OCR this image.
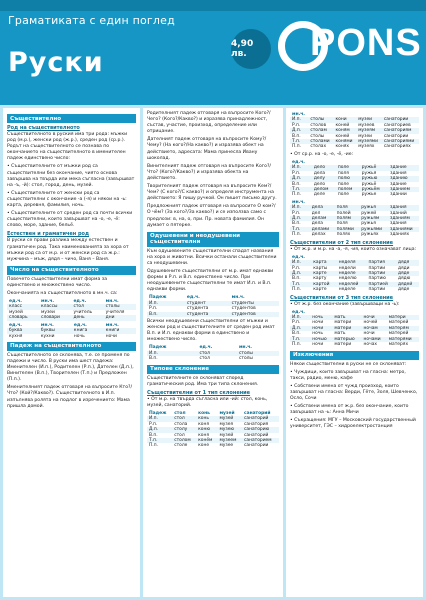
Граматиката с един поглед
Руски
4,90 лв.	PONS
Съществително
Род на съществителното
Съществителното в руския има три рода: мъжки род (м.р.), женски род (ж.р.), среден род (ср.р.). Родът на съществителното се познава по окончанието на съществителното в именителен падеж единствено число:
• Съществителните от мъжки род са съществителни без окончание, чиято основа завършва на твърда или мека съгласна (завършват на -ъ, -й): стол, город, день, музей.
• Съществителните от женски род са съществителни с окончание -а (-я) и някои на -ь: карта, деревня, фамилия, ночь.
• Съществителните от среден род са почти всички съществителни, които завършват на -о, -е, -ё: слово, море, здание, бельё.
Естествен и граматичен род
В руски се прави разлика между естествен и граматичен род. Така наименованията за хора от мъжки род са от м.р. и от женски род са ж.р.: мужчина – мъж, дядя – чичо, Ваня – Ваня.
Число на съществителното
Повечето съществителни имат форма за единствено и множествено число.
Окончанията на съществителното в мн.ч. са:
ед.ч.	мн.ч.	ед.ч.	мн.ч.
класс	классы	стол	столы
музей	музеи	учитель	учителя
словарь	словари	день	дни
ед.ч.	мн.ч.	ед.ч.	мн.ч.
буква	буквы	книга	книги
кухня	кухни	ночь	ночи
Падеж на съществителното
Съществителното се склонява, т.е. се променя по падежи и число. В руски има шест падежа: Именителен (И.п.), Родителен (Р.п.), Дателен (Д.п.), Винителен (В.п.), Творителен (Т.п.) и Предложен (П.п.).
Именителният падеж отговаря на въпросите Кто?/Что? (Кой?/Какво?). Съществителното в И.п. изпълнява ролята на подлог в изречението: Мама пришла домой.
Родителният падеж отговаря на въпросите Кого?/Чего? (Кого?/Какво?) и изразява принадлежност, състав, участие, произход, определение или отрицание.
Дателният падеж отговаря на въпросите Кому?/Чему? (На кого?/На какво?) и изразява обект на действието, адресата: Мама принесла Ивану шоколад.
Винителният падеж отговаря на въпросите Кого?/Что? (Кого?/Какво?) и изразява обекта на действието.
Творителният падеж отговаря на въпросите Кем?/Чем? (С кого?/С какво?) и определя инструмента на действието: Я пишу ручкой. Он пишет письмо другу.
Предложният падеж отговаря на въпросите О ком?/О чём? (За кого?/За какво?) и се използва само с предлози: в, на, о, при. Пр. новата фамилия. Он думает о пятерке.
Одушевени и неодушевени съществителни
Към одушевените съществителни спадат названия на хора и животни. Всички останали съществителни са неодушевени.
Одушевените съществителни от м.р. имат еднакви форми в Р.п. и В.п. единствено число. При неодушевените съществителни те имат И.п. и В.п. еднакви форми.
Падеж	ед.ч.	мн.ч.
И.п.	студент	студенты
Р.п.	студента	студентов
В.п.	студента	студентов
Всички неодушевени съществителни от мъжки и женски род и съществителните от среден род имат В.п. и И.п. еднакви форми в единствено и множествено число.
Падеж	ед.ч.	мн.ч.
И.п.	стол	столы
В.п.	стол	столы
Типове склонение
Съществителните се склоняват според граматическия род. Има три типа склонения.
Съществителни от 1 тип склонение
• От м.р. на твърда съгласна или -ий: стол, конь, музей, санаторий.
Падеж	стол	конь	музей	санаторий
И.п.	стол	конь	музей	санаторий
Р.п.	стола	коня	музея	санатория
Д.п.	столу	коню	музею	санаторию
В.п.	стол	коня	музей	санаторий
Т.п.	столом	конём	музеем	санаторием
П.п.	столе	коне	музее	санатории
мн.ч.				
И.п.	столы	кони	музеи	санатории
Р.п.	столов	коней	музеев	санаториев
Д.п.	столам	коням	музеям	санаториям
В.п.	столы	коней	музеи	санатории
Т.п.	столами	конями	музеями	санаториями
П.п.	столах	конях	музеях	санаториях
• От ср.р. на -о, -е, -ё, -ие:
ед.ч.				
И.п.	дело	поле	ружьё	здание
Р.п.	дела	поля	ружья	здания
Д.п.	делу	полю	ружью	зданию
В.п.	дело	поле	ружьё	здание
Т.п.	делом	полем	ружьём	зданием
П.п.	деле	поле	ружье	здании
мн.ч.				
И.п.	дела	поля	ружья	здания
Р.п.	дел	полей	ружей	зданий
Д.п.	делам	полям	ружьям	зданиям
В.п.	дела	поля	ружья	здания
Т.п.	делами	полями	ружьями	зданиями
П.п.	делах	полях	ружьях	зданиях
Съществителни от 2 тип склонение
• От ж.р. и м.р. на -а, -я, -ия, които означават лица:
ед.ч.				
И.п.	карта	неделя	партия	дядя
Р.п.	карты	недели	партии	дяди
Д.п.	карте	неделе	партии	дяде
В.п.	карту	неделю	партию	дядю
Т.п.	картой	неделей	партией	дядей
П.п.	карте	неделе	партии	дяде
Съществителни от 3 тип склонение
• От ж.р. без окончание (завършващи на -ь):
ед.ч.				
И.п.	ночь	мать	ночи	матери
Р.п.	ночи	матери	ночей	матерей
Д.п.	ночи	матери	ночам	матерям
В.п.	ночь	мать	ночи	матерей
Т.п.	ночью	матерью	ночами	матерями
П.п.	ночи	матери	ночах	матерях
Изключения
Някои съществителни в руски не се склоняват:
• Чуждици, които завършват на гласна: метро, такси, радио, меню, кафе
• Собствени имена от чужд произход, които завършват на гласна: Верди, Гёте, Золя, Шевченко, Осло, Сочи
• Собствени имена от ж.р. без окончание, които завършват на -ь: Анна Мичи
• Съкращения: МГУ – Московский государственный университет, ГЭС – хидроелектростанция
